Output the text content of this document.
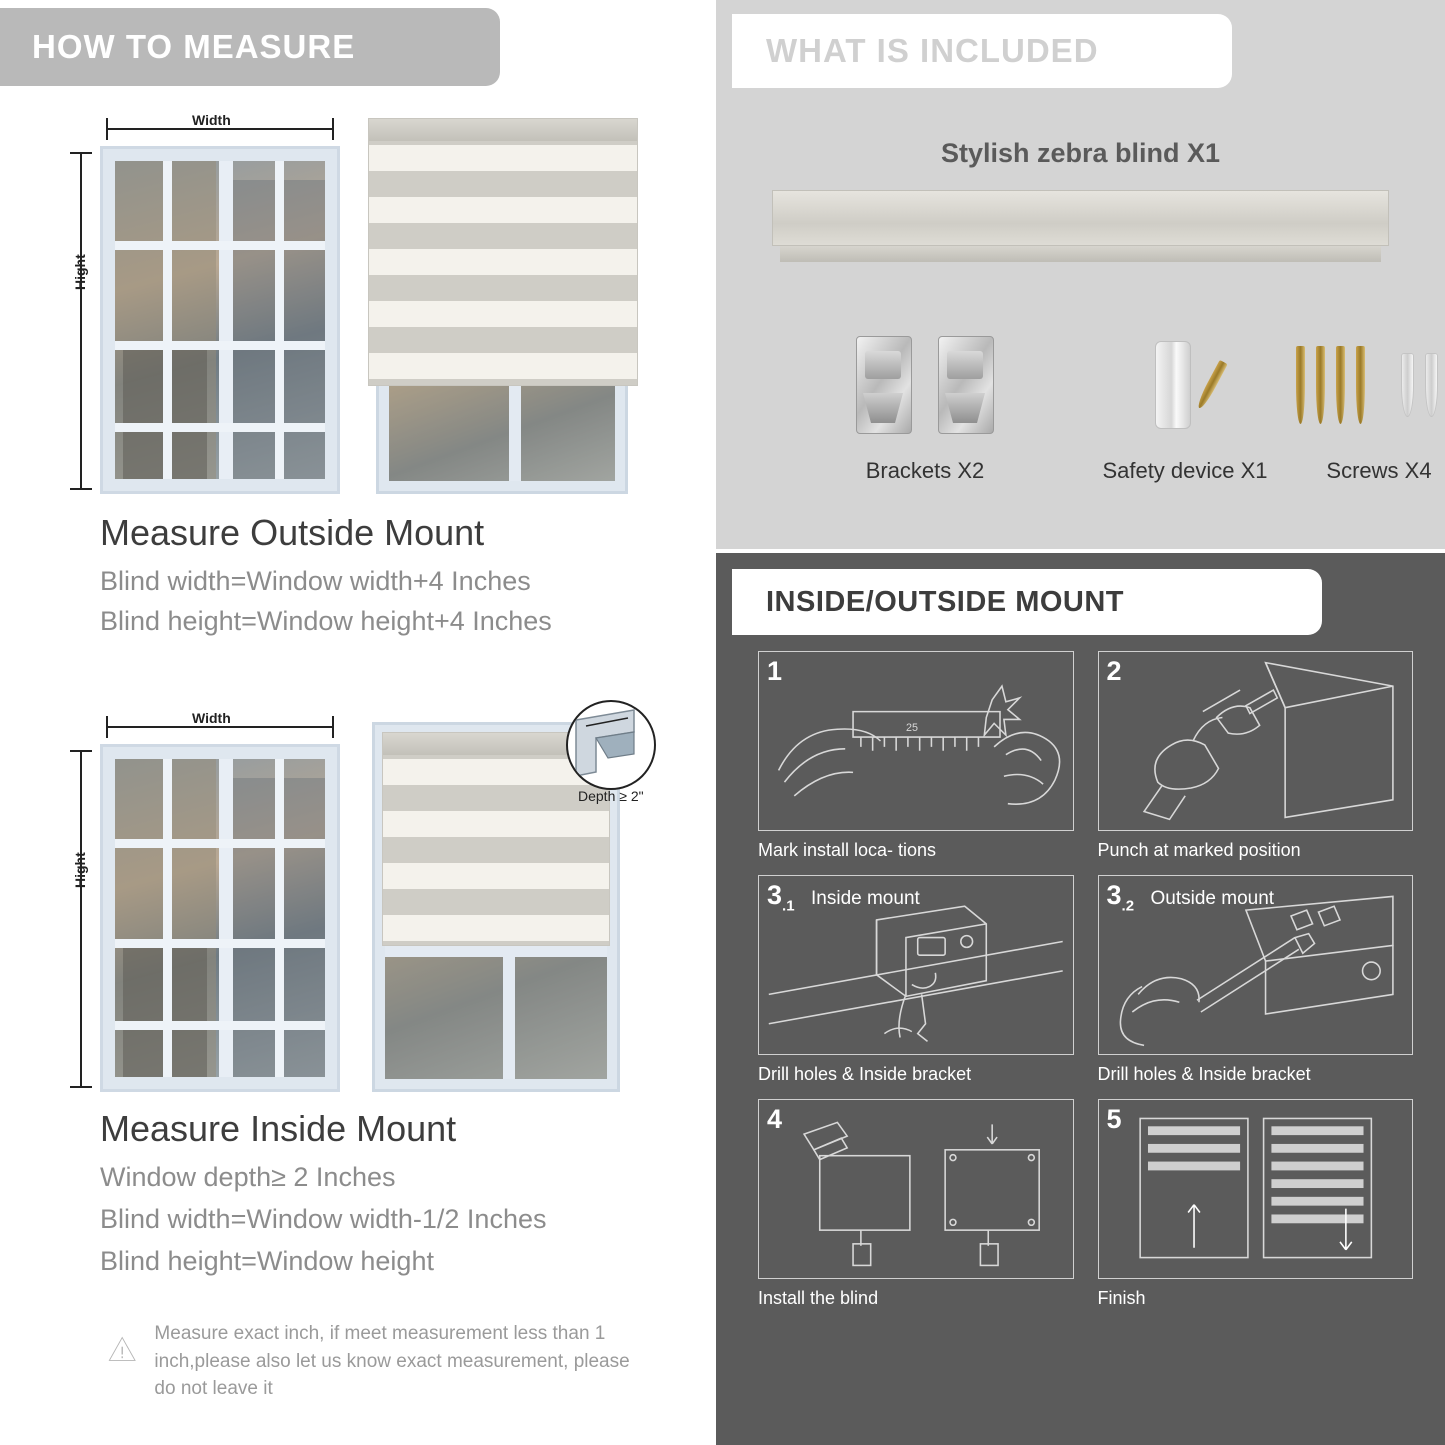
HOW TO MEASURE
Width
Hight
Measure Outside Mount
Blind width=Window width+4 Inches
Blind height=Window height+4 Inches
Width
Hight
Depth ≥ 2"
Measure Inside Mount
Window depth≥ 2 Inches
Blind width=Window width-1/2 Inches
Blind height=Window height
Measure exact inch, if meet measurement less than 1 inch,please also let us know exact measurement, please do not leave it
WHAT IS INCLUDED
Stylish zebra blind X1
Brackets X2	Safety device X1	Screws X4
INSIDE/OUTSIDE MOUNT
1
25
Mark install loca- tions
2
Punch at marked position
$3_{.1}$ Inside mount
Drill holes & Inside bracket
$3_{.2}$ Outside mount
Drill holes & Inside bracket
4
Install the blind
5
Finish
